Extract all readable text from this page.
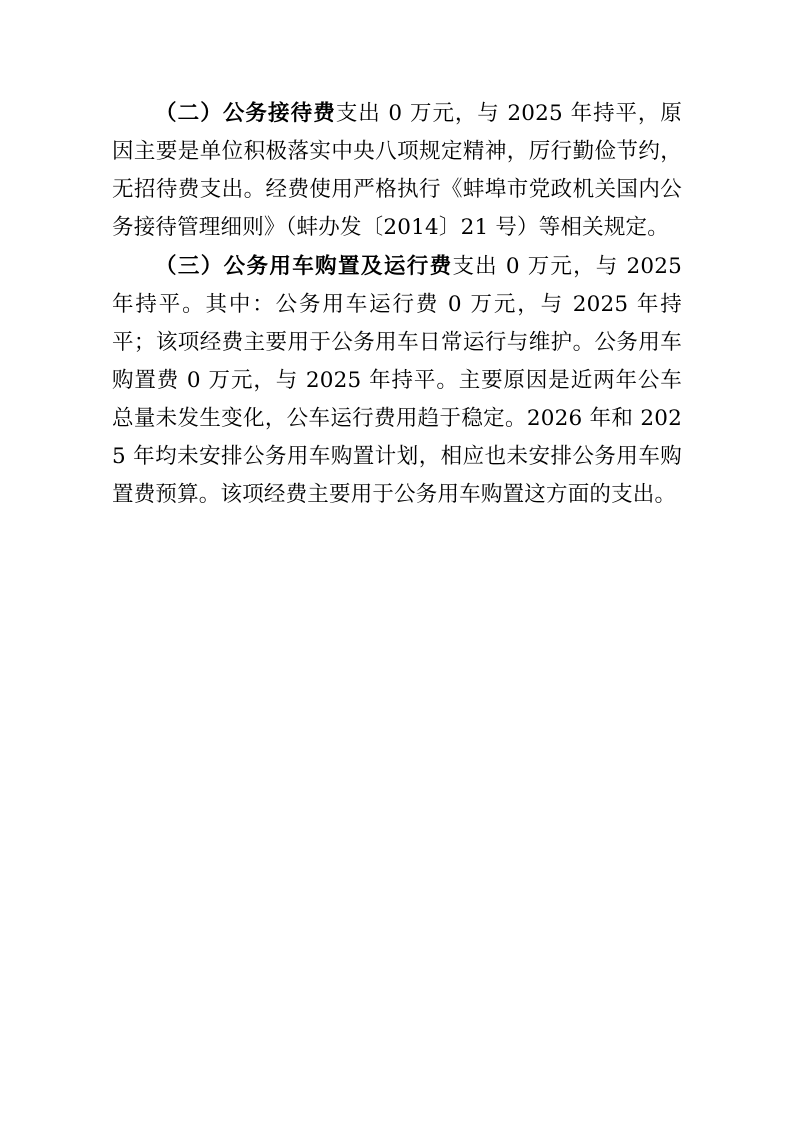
（二）公务接待费支出 0 万元，与 2025 年持平，原因主要是单位积极落实中央八项规定精神，厉行勤俭节约，无招待费支出。经费使用严格执行《蚌埠市党政机关国内公务接待管理细则》（蚌办发〔2014〕21 号）等相关规定。

（三）公务用车购置及运行费支出 0 万元，与 2025 年持平。其中：公务用车运行费 0 万元，与 2025 年持平；该项经费主要用于公务用车日常运行与维护。公务用车购置费 0 万元，与 2025 年持平。主要原因是近两年公车总量未发生变化，公车运行费用趋于稳定。2026 年和 2025 年均未安排公务用车购置计划，相应也未安排公务用车购置费预算。该项经费主要用于公务用车购置这方面的支出。
